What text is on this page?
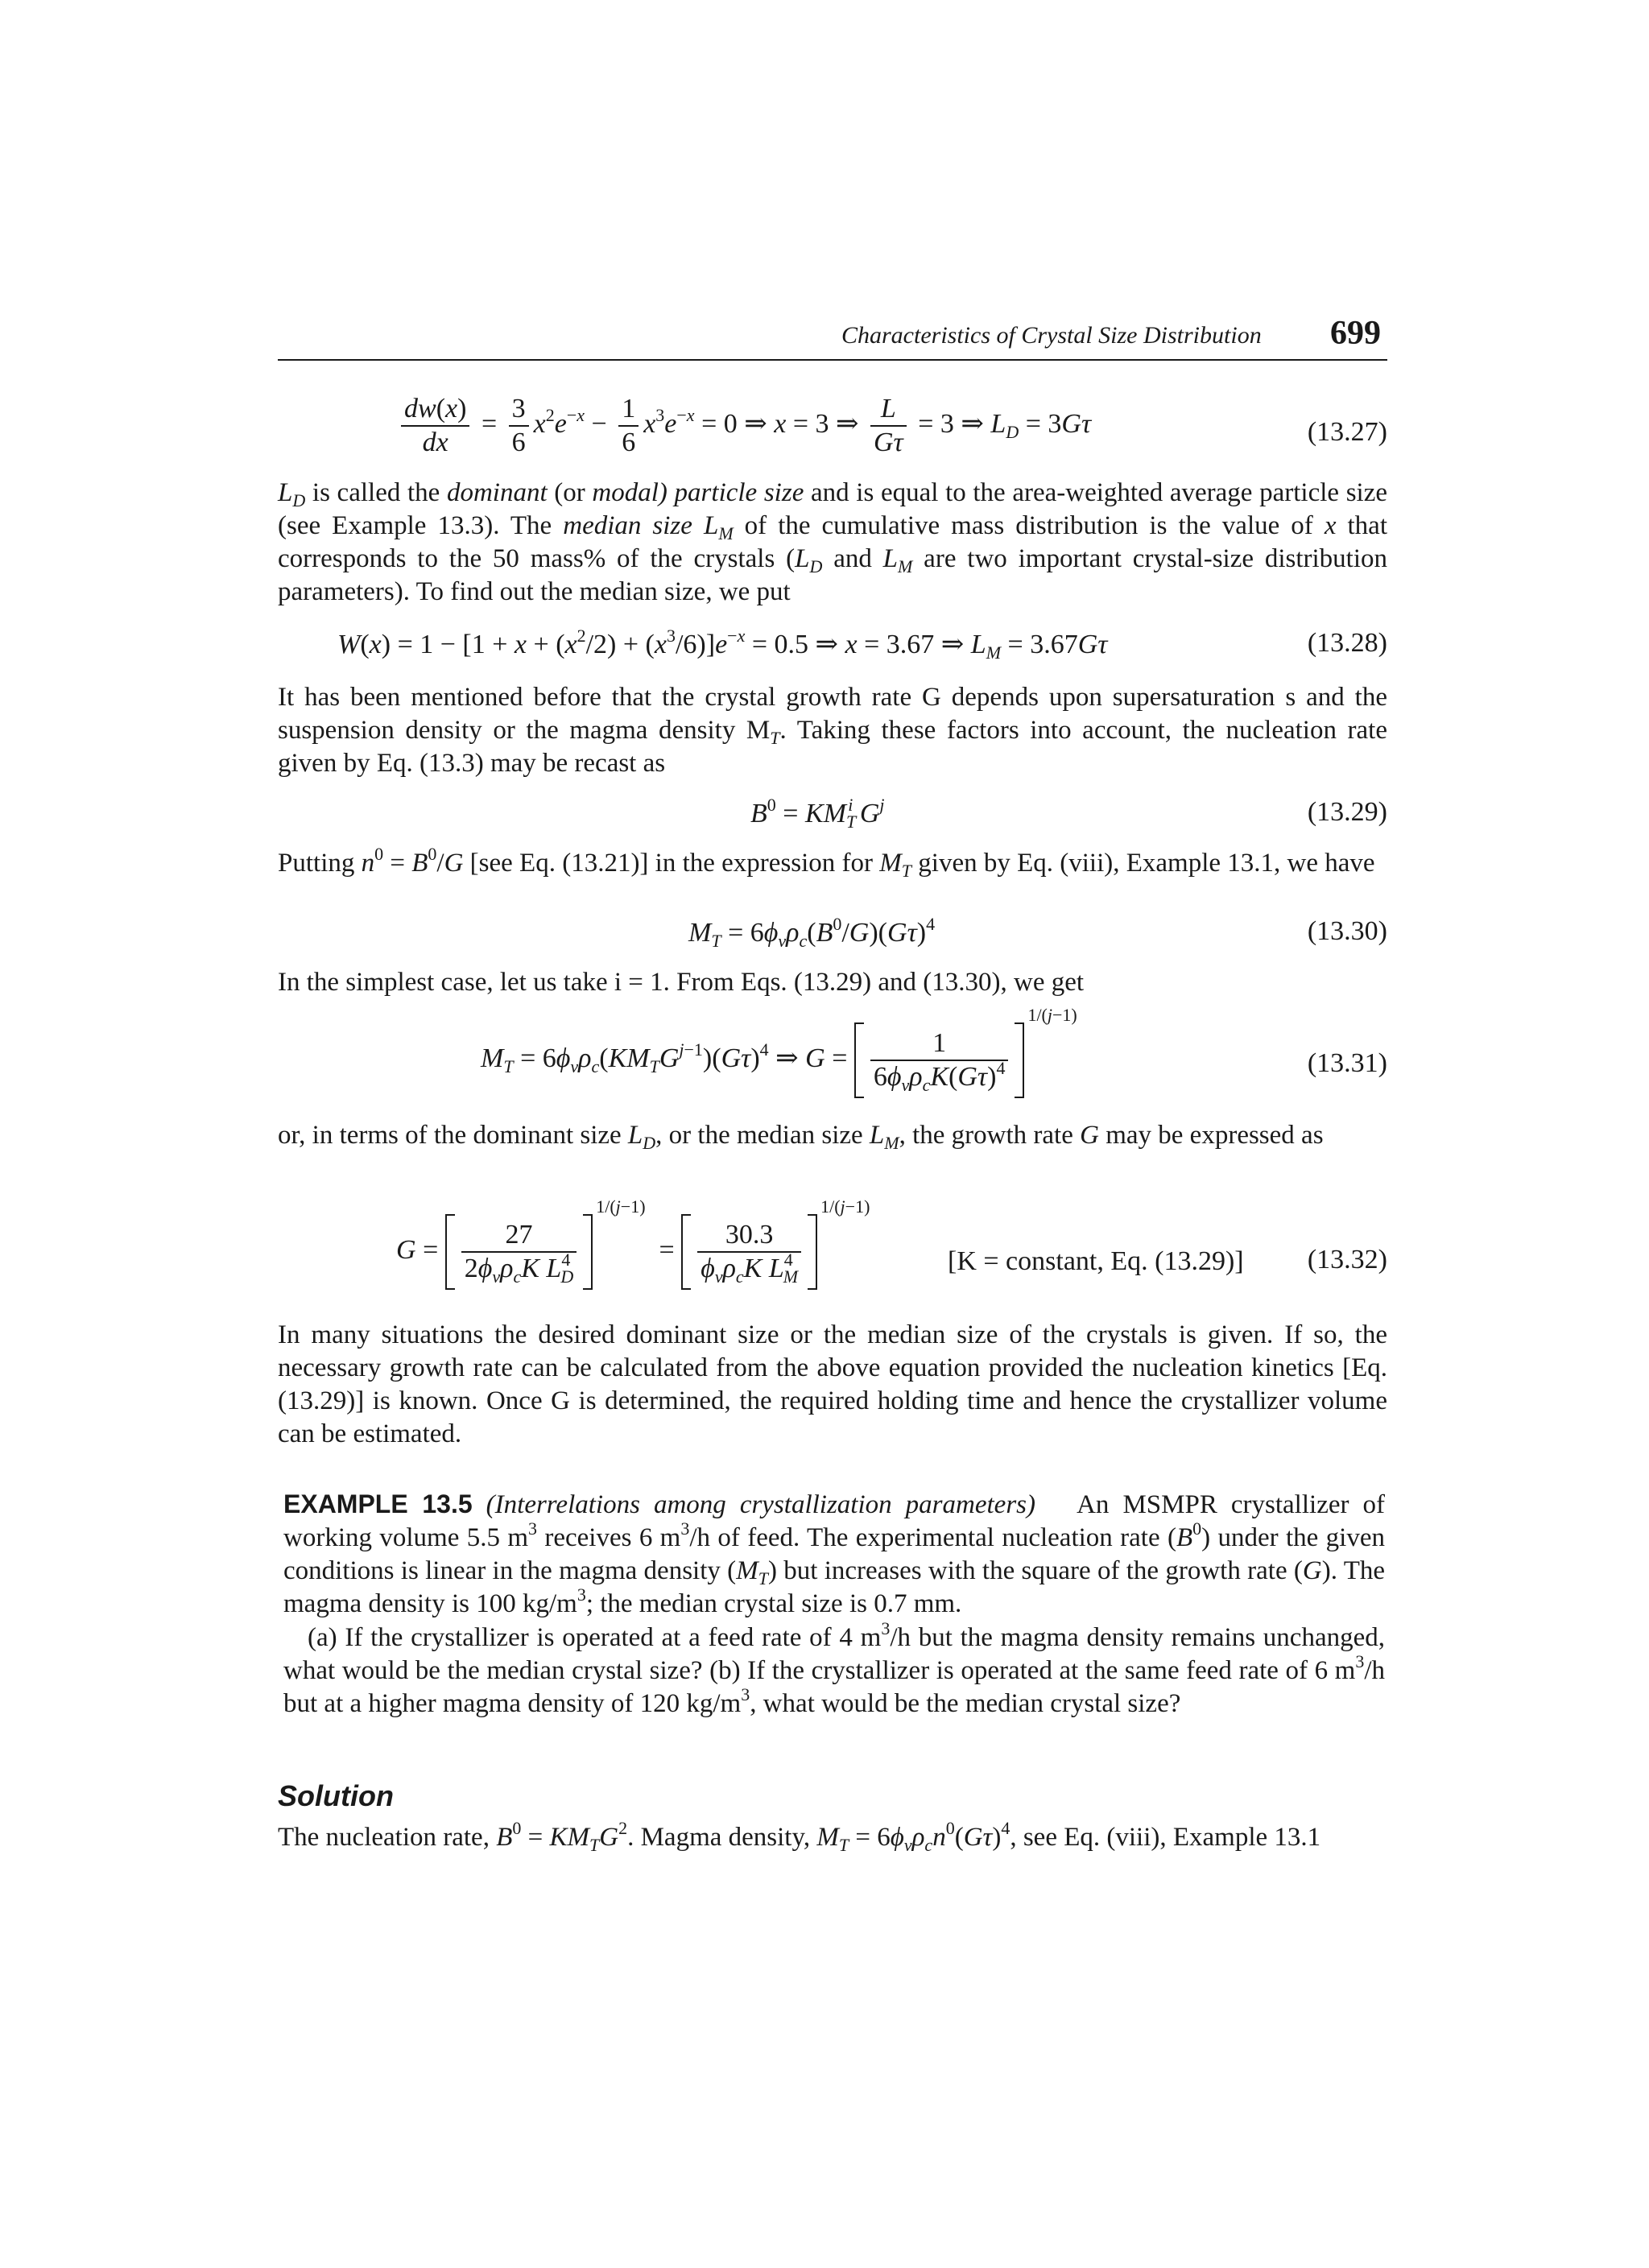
Characteristics of Crystal Size Distribution 699
$\frac{dw(x)}{dx} = \frac{3}{6} x^2e^{-x} - \frac{1}{6} x^3e^{-x} = 0$ ⇒ x = 3 ⇒ $\frac{L}{G\tau} = 3$ ⇒ $L_D = 3G\tau$	(13.27)
$L_D$ is called the dominant (or modal) particle size and is equal to the area-weighted average particle size (see Example 13.3). The median size $L_M$ of the cumulative mass distribution is the value of x that corresponds to the 50 mass% of the crystals ($L_D$ and $L_M$ are two important crystal-size distribution parameters). To find out the median size, we put
$W(x) = 1 - [1 + x + (x^2/2) + (x^3/6)]e^{-x} = 0.5$ ⇒ x = 3.67 ⇒ $L_M = 3.67G\tau$	(13.28)
It has been mentioned before that the crystal growth rate G depends upon supersaturation s and the suspension density or the magma density $M_T$. Taking these factors into account, the nucleation rate given by Eq. (13.3) may be recast as
$B^0 = KM_T^i$ $G^j$	(13.29)
Putting $n^0 = B^0/G$ [see Eq. (13.21)] in the expression for $M_T$ given by Eq. (viii), Example 13.1, we have
$M_T = 6\phi_v\rho_c(B^0/G)(G\tau)^4$	(13.30)
In the simplest case, let us take i = 1. From Eqs. (13.29) and (13.30), we get
$M_T = 6\phi_v\rho_c(KM_TG^{j-1})(G\tau)^4$ ⇒ $G = \frac{1}{6\phi_v\rho_cK(G\tau)^4}$
1/(j−1)
(13.31)
or, in terms of the dominant size $L_D$, or the median size $L_M$, the growth rate G may be expressed as
$G = \frac{27}{2\phi_v\rho_cK L^4_D}$
$1/(j-1) = \frac{30.3}{\phi_v\rho_cK L^4_M}$
1/(j−1)
[K = constant, Eq. (13.29)] (13.32)
In many situations the desired dominant size or the median size of the crystals is given. If so, the necessary growth rate can be calculated from the above equation provided the nucleation kinetics [Eq. (13.29)] is known. Once G is determined, the required holding time and hence the crystallizer volume can be estimated.
EXAMPLE 13.5 (Interrelations among crystallization parameters) An MSMPR crystallizer of working volume 5.5 $m^3$ receives 6 $m^3/h$ of feed. The experimental nucleation rate $(B^0)$ under the given conditions is linear in the magma density $(M_T)$ but increases with the square of the growth rate (G). The magma density is 100 $kg/m^3$; the median crystal size is 0.7 mm.
(a) If the crystallizer is operated at a feed rate of 4 $m^3/h$ but the magma density remains unchanged, what would be the median crystal size? (b) If the crystallizer is operated at the same feed rate of 6 $m^3/h$ but at a higher magma density of 120 $kg/m^3$, what would be the median crystal size?
Solution
The nucleation rate, $B^0 = KM_TG^2$. Magma density, $M_T = 6\phi_v\rho_cn^0(G\tau)^4$, see Eq. (viii), Example 13.1
